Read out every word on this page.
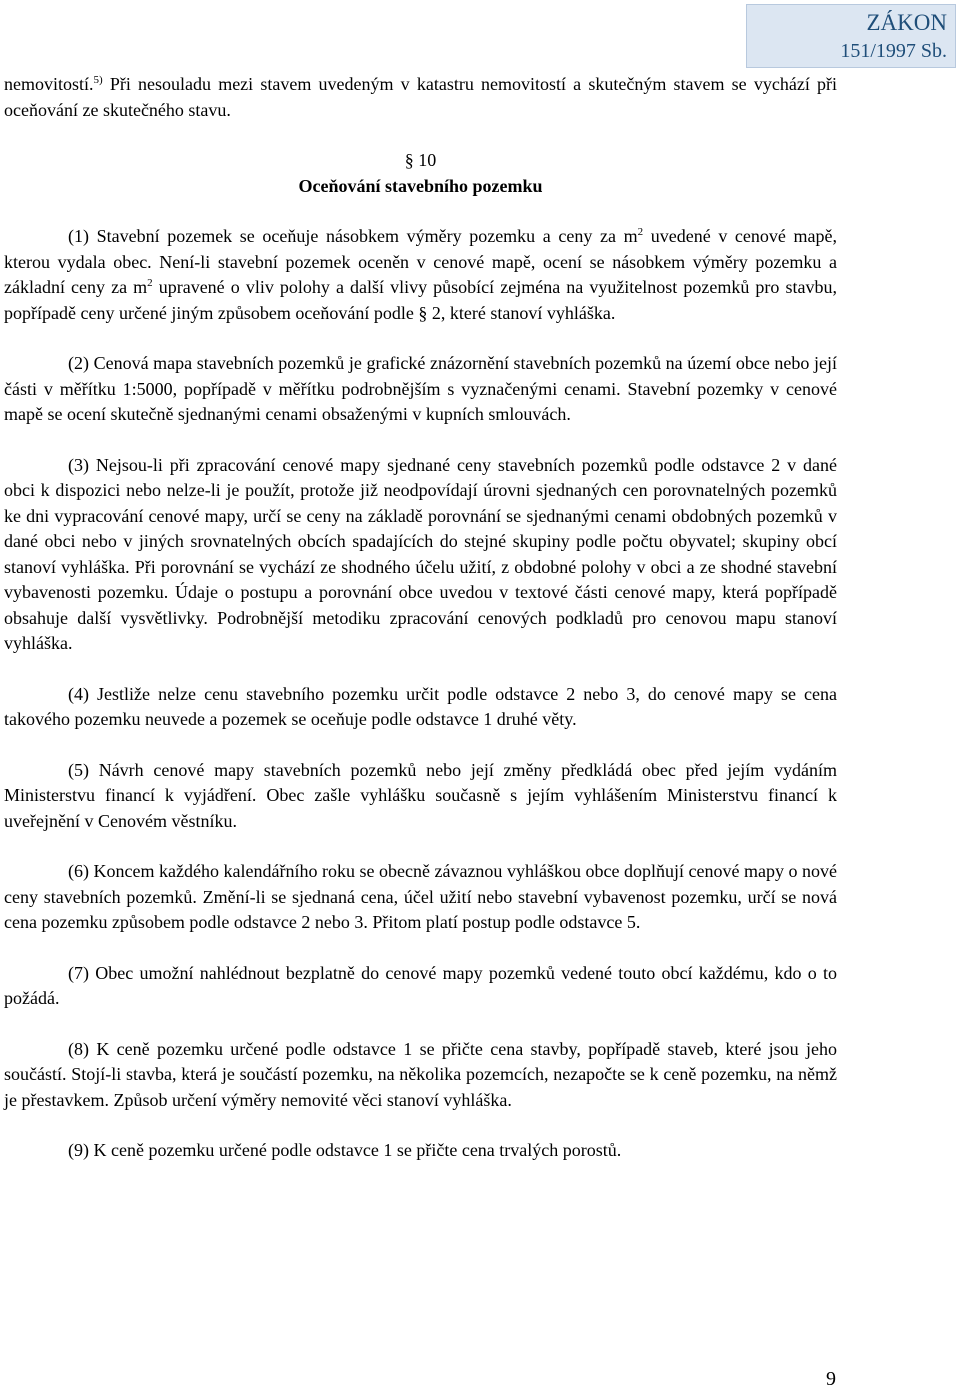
ZÁKON
151/1997 Sb.

nemovitostí.$^{5)}$ Při nesouladu mezi stavem uvedeným v katastru nemovitostí a skutečným stavem se vychází při oceňování ze skutečného stavu.

§ 10
Oceňování stavebního pozemku

(1) Stavební pozemek se oceňuje násobkem výměry pozemku a ceny za $m^2$ uvedené v cenové mapě, kterou vydala obec. Není-li stavební pozemek oceněn v cenové mapě, ocení se násobkem výměry pozemku a základní ceny za $m^2$ upravené o vliv polohy a další vlivy působící zejména na využitelnost pozemků pro stavbu, popřípadě ceny určené jiným způsobem oceňování podle § 2, které stanoví vyhláška.

(2) Cenová mapa stavebních pozemků je grafické znázornění stavebních pozemků na území obce nebo její části v měřítku 1:5000, popřípadě v měřítku podrobnějším s vyznačenými cenami. Stavební pozemky v cenové mapě se ocení skutečně sjednanými cenami obsaženými v kupních smlouvách.

(3) Nejsou-li při zpracování cenové mapy sjednané ceny stavebních pozemků podle odstavce 2 v dané obci k dispozici nebo nelze-li je použít, protože již neodpovídají úrovni sjednaných cen porovnatelných pozemků ke dni vypracování cenové mapy, určí se ceny na základě porovnání se sjednanými cenami obdobných pozemků v dané obci nebo v jiných srovnatelných obcích spadajících do stejné skupiny podle počtu obyvatel; skupiny obcí stanoví vyhláška. Při porovnání se vychází ze shodného účelu užití, z obdobné polohy v obci a ze shodné stavební vybavenosti pozemku. Údaje o postupu a porovnání obce uvedou v textové části cenové mapy, která popřípadě obsahuje další vysvětlivky. Podrobnější metodiku zpracování cenových podkladů pro cenovou mapu stanoví vyhláška.

(4) Jestliže nelze cenu stavebního pozemku určit podle odstavce 2 nebo 3, do cenové mapy se cena takového pozemku neuvede a pozemek se oceňuje podle odstavce 1 druhé věty.

(5) Návrh cenové mapy stavebních pozemků nebo její změny předkládá obec před jejím vydáním Ministerstvu financí k vyjádření. Obec zašle vyhlášku současně s jejím vyhlášením Ministerstvu financí k uveřejnění v Cenovém věstníku.

(6) Koncem každého kalendářního roku se obecně závaznou vyhláškou obce doplňují cenové mapy o nové ceny stavebních pozemků. Změní-li se sjednaná cena, účel užití nebo stavební vybavenost pozemku, určí se nová cena pozemku způsobem podle odstavce 2 nebo 3. Přitom platí postup podle odstavce 5.

(7) Obec umožní nahlédnout bezplatně do cenové mapy pozemků vedené touto obcí každému, kdo o to požádá.

(8) K ceně pozemku určené podle odstavce 1 se přičte cena stavby, popřípadě staveb, které jsou jeho součástí. Stojí-li stavba, která je součástí pozemku, na několika pozemcích, nezapočte se k ceně pozemku, na němž je přestavkem. Způsob určení výměry nemovité věci stanoví vyhláška.

(9) K ceně pozemku určené podle odstavce 1 se přičte cena trvalých porostů.

9
